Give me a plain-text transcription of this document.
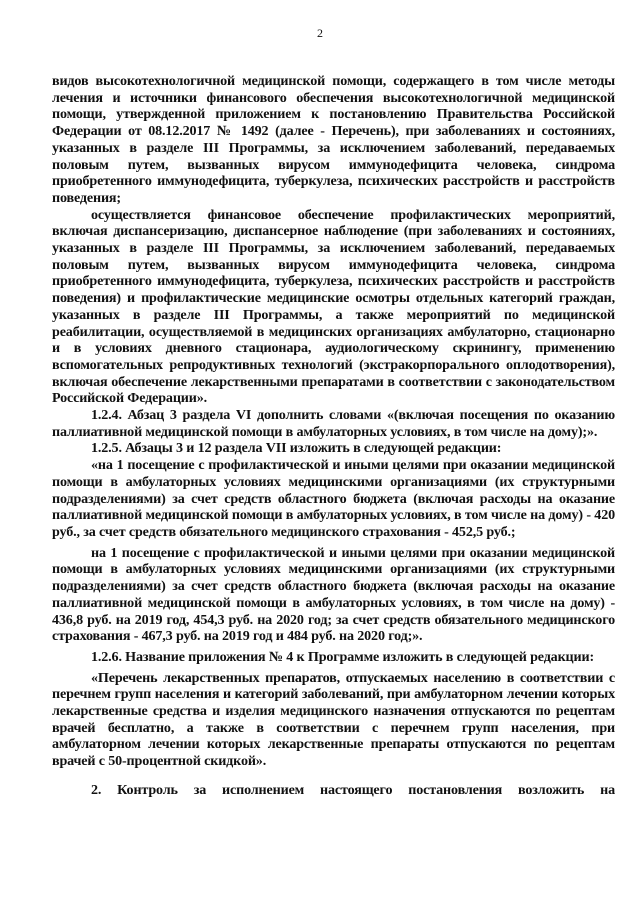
2

видов высокотехнологичной медицинской помощи, содержащего в том числе методы лечения и источники финансового обеспечения высокотехнологичной медицинской помощи, утвержденной приложением к постановлению Правительства Российской Федерации от 08.12.2017 № 1492 (далее - Перечень), при заболеваниях и состояниях, указанных в разделе III Программы, за исключением заболеваний, передаваемых половым путем, вызванных вирусом иммунодефицита человека, синдрома приобретенного иммунодефицита, туберкулеза, психических расстройств и расстройств поведения;

осуществляется финансовое обеспечение профилактических мероприятий, включая диспансеризацию, диспансерное наблюдение (при заболеваниях и состояниях, указанных в разделе III Программы, за исключением заболеваний, передаваемых половым путем, вызванных вирусом иммунодефицита человека, синдрома приобретенного иммунодефицита, туберкулеза, психических расстройств и расстройств поведения) и профилактические медицинские осмотры отдельных категорий граждан, указанных в разделе III Программы, а также мероприятий по медицинской реабилитации, осуществляемой в медицинских организациях амбулаторно, стационарно и в условиях дневного стационара, аудиологическому скринингу, применению вспомогательных репродуктивных технологий (экстракорпорального оплодотворения), включая обеспечение лекарственными препаратами в соответствии с законодательством Российской Федерации».

1.2.4. Абзац 3 раздела VI дополнить словами «(включая посещения по оказанию паллиативной медицинской помощи в амбулаторных условиях, в том числе на дому);».

1.2.5. Абзацы 3 и 12 раздела VII изложить в следующей редакции:

«на 1 посещение с профилактической и иными целями при оказании медицинской помощи в амбулаторных условиях медицинскими организациями (их структурными подразделениями) за счет средств областного бюджета (включая расходы на оказание паллиативной медицинской помощи в амбулаторных условиях, в том числе на дому) - 420 руб., за счет средств обязательного медицинского страхования - 452,5 руб.;

на 1 посещение с профилактической и иными целями при оказании медицинской помощи в амбулаторных условиях медицинскими организациями (их структурными подразделениями) за счет средств областного бюджета (включая расходы на оказание паллиативной медицинской помощи в амбулаторных условиях, в том числе на дому) - 436,8 руб. на 2019 год, 454,3 руб. на 2020 год; за счет средств обязательного медицинского страхования - 467,3 руб. на 2019 год и 484 руб. на 2020 год;».

1.2.6. Название приложения № 4 к Программе изложить в следующей редакции:

«Перечень лекарственных препаратов, отпускаемых населению в соответствии с перечнем групп населения и категорий заболеваний, при амбулаторном лечении которых лекарственные средства и изделия медицинского назначения отпускаются по рецептам врачей бесплатно, а также в соответствии с перечнем групп населения, при амбулаторном лечении которых лекарственные препараты отпускаются по рецептам врачей с 50-процентной скидкой».

2. Контроль за исполнением настоящего постановления возложить на
